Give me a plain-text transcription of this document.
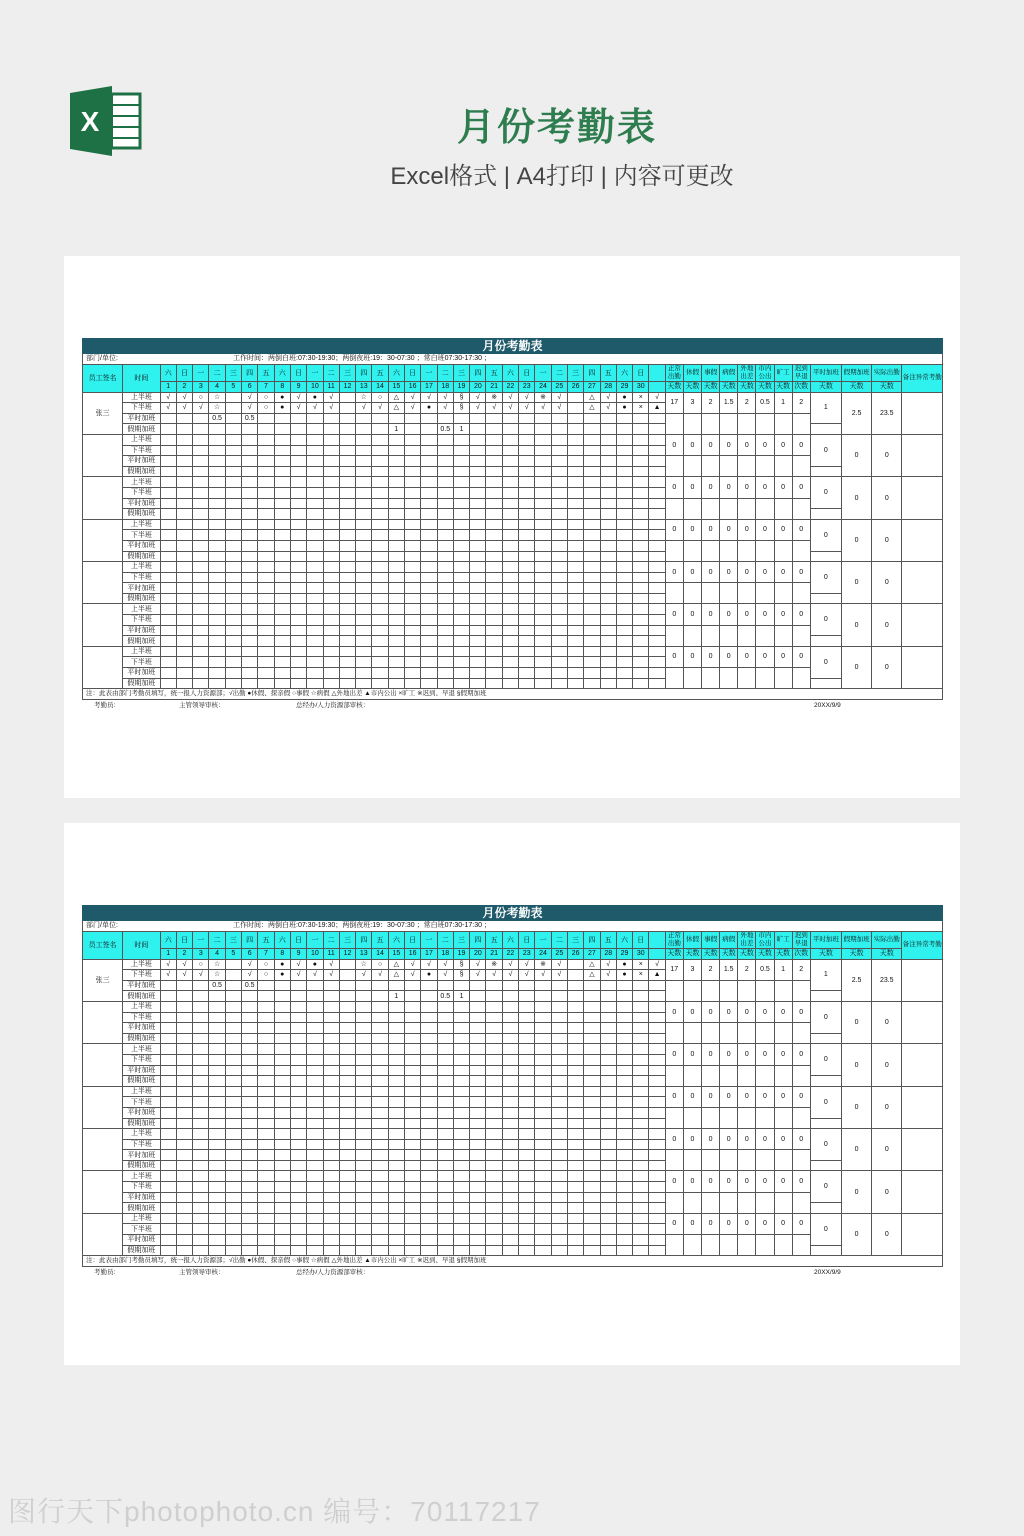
X	月份考勤表
Excel格式 | A4打印 | 内容可更改
月份考勤表
部门/单位:	工作时间：两倒白班:07:30-19:30；两倒夜班:19：30-07:30 ；常白班07:30-17:30 ；
员工签名	时间	六	日	一	二	三	四	五	六	日	一	二	三	四	五	六	日	一	二	三	四	五	六	日	一	二	三	四	五	六	日		正常出勤	休假	事假	病假	外地出差	市内公出	旷工	迟到早退	平时加班	假期加班	实际出勤	备注异常考勤
		1	2	3	4	5	6	7	8	9	10	11	12	13	14	15	16	17	18	19	20	21	22	23	24	25	26	27	28	29	30		天数	天数	天数	天数	天数	天数	天数	次数	天数	天数	天数	
张三	上半班	√	√	○	☆		√	○	●	√	●	√		☆	○	△	√	√	√	§	√	※	√	√	※	√		△	√	●	×	√	17	3	2	1.5	2	0.5	1	2	1	2.5	23.5	
	下半班	√	√	√	☆		√	○	●	√	√	√		√	√	△	√	●	√	§	√	√	√	√	√	√		△	√	●	×	▲												
	平时加班				0.5		0.5																																					
	假期加班															1			0.5	1																								
	上半班																																0	0	0	0	0	0	0	0	0	0	0	
	下半班																																											
	平时加班																																											
	假期加班																																											
	上半班																																0	0	0	0	0	0	0	0	0	0	0	
	下半班																																											
	平时加班																																											
	假期加班																																											
	上半班																																0	0	0	0	0	0	0	0	0	0	0	
	下半班																																											
	平时加班																																											
	假期加班																																											
	上半班																																0	0	0	0	0	0	0	0	0	0	0	
	下半班																																											
	平时加班																																											
	假期加班																																											
	上半班																																0	0	0	0	0	0	0	0	0	0	0	
	下半班																																											
	平时加班																																											
	假期加班																																											
	上半班																																0	0	0	0	0	0	0	0	0	0	0	
	下半班																																											
	平时加班																																											
	假期加班																																											
注：此表由部门考勤员填写，统一报人力资源部；√出勤 ●休假、探亲假 ○事假 ☆病假 △外地出差 ▲市内公出 ×旷工 ※迟到、早退 §假期加班
考勤员:	主管领导审核：	总经办/人力资源部审核：	20XX/9/9
月份考勤表
部门/单位:	工作时间：两倒白班:07:30-19:30；两倒夜班:19：30-07:30 ；常白班07:30-17:30 ；
员工签名	时间	六	日	一	二	三	四	五	六	日	一	二	三	四	五	六	日	一	二	三	四	五	六	日	一	二	三	四	五	六	日		正常出勤	休假	事假	病假	外地出差	市内公出	旷工	迟到早退	平时加班	假期加班	实际出勤	备注异常考勤
		1	2	3	4	5	6	7	8	9	10	11	12	13	14	15	16	17	18	19	20	21	22	23	24	25	26	27	28	29	30		天数	天数	天数	天数	天数	天数	天数	次数	天数	天数	天数	
张三	上半班	√	√	○	☆		√	○	●	√	●	√		☆	○	△	√	√	√	§	√	※	√	√	※	√		△	√	●	×	√	17	3	2	1.5	2	0.5	1	2	1	2.5	23.5	
	下半班	√	√	√	☆		√	○	●	√	√	√		√	√	△	√	●	√	§	√	√	√	√	√	√		△	√	●	×	▲												
	平时加班				0.5		0.5																																					
	假期加班															1			0.5	1																								
	上半班																																0	0	0	0	0	0	0	0	0	0	0	
	下半班																																											
	平时加班																																											
	假期加班																																											
	上半班																																0	0	0	0	0	0	0	0	0	0	0	
	下半班																																											
	平时加班																																											
	假期加班																																											
	上半班																																0	0	0	0	0	0	0	0	0	0	0	
	下半班																																											
	平时加班																																											
	假期加班																																											
	上半班																																0	0	0	0	0	0	0	0	0	0	0	
	下半班																																											
	平时加班																																											
	假期加班																																											
	上半班																																0	0	0	0	0	0	0	0	0	0	0	
	下半班																																											
	平时加班																																											
	假期加班																																											
	上半班																																0	0	0	0	0	0	0	0	0	0	0	
	下半班																																											
	平时加班																																											
	假期加班																																											
注：此表由部门考勤员填写，统一报人力资源部；√出勤 ●休假、探亲假 ○事假 ☆病假 △外地出差 ▲市内公出 ×旷工 ※迟到、早退 §假期加班
考勤员:	主管领导审核：	总经办/人力资源部审核：	20XX/9/9
图行天下photophoto.cn 编号：70117217
